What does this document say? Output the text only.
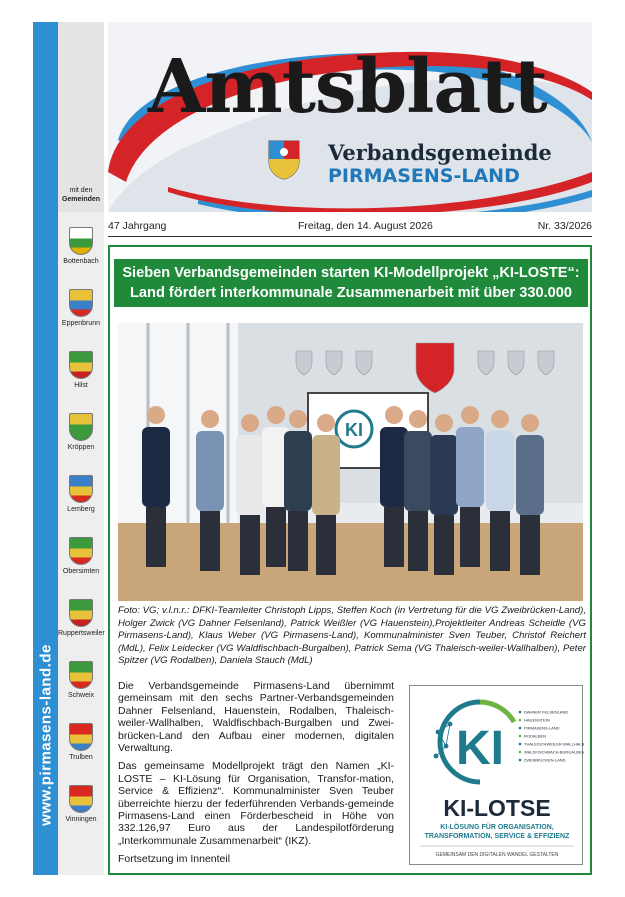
www.pirmasens-land.de
mit den
Gemeinden
Bottenbach
Eppenbrunn
Hilst
Kröppen
Lemberg
Obersimten
Ruppertsweiler
Schweix
Trulben
Vinningen
Amtsblatt
Verbandsgemeinde
PIRMASENS-LAND
47 Jahrgang	Freitag, den 14. August 2026	Nr. 33/2026
Sieben Verbandsgemeinden starten KI-Modellprojekt „KI-LOSTE“:
Land fördert interkommunale Zusammenarbeit mit über 330.000 Euro
KI
Foto: VG; v.l.n.r.: DFKI-Teamleiter Christoph Lipps, Steffen Koch (in Vertretung für die VG Zweibrücken-Land), Holger Zwick (VG Dahner Felsenland), Patrick Weißler (VG Hauenstein),Projektleiter Andreas Scheidle (VG Pirmasens-Land), Klaus Weber (VG Pirmasens-Land), Kommunalminister Sven Teuber, Christof Reichert (MdL), Felix Leidecker (VG Waldfischbach-Burgalben), Patrick Sema (VG Thaleisch-weiler-Wallhalben), Peter Spitzer (VG Rodalben), Daniela Stauch (MdL)

Die Verbandsgemeinde Pirmasens-Land übernimmt gemeinsam mit den sechs Partner-Verbandsgemeinden Dahner Felsenland, Hauenstein, Rodalben, Thaleisch-weiler-Wallhalben, Waldfischbach-Burgalben und Zwei-brücken-Land den Aufbau einer modernen, digitalen Verwaltung.

Das gemeinsame Modellprojekt trägt den Namen „KI-LOSTE – KI-Lösung für Organisation, Transfor-mation, Service & Effizienz“. Kommunalminister Sven Teuber überreichte hierzu der federführenden Verbands-gemeinde Pirmasens-Land einen Förderbescheid in Höhe von 332.126,97 Euro aus der Landespilotförderung „Interkommunale Zusammenarbeit“ (IKZ).

Fortsetzung im Innenteil

KI
DAHNER FELSENLAND
HAUENSTEIN
PIRMASENS-LAND
RODALBEN
THALEISCHWEILER-WALLHALBEN
WALDFISCHBACH-BURGALBEN
ZWEIBRÜCKEN-LAND
KI-LOTSE
KI-LÖSUNG FÜR ORGANISATION,
TRANSFORMATION, SERVICE & EFFIZIENZ
GEMEINSAM DEN DIGITALEN WANDEL GESTALTEN
